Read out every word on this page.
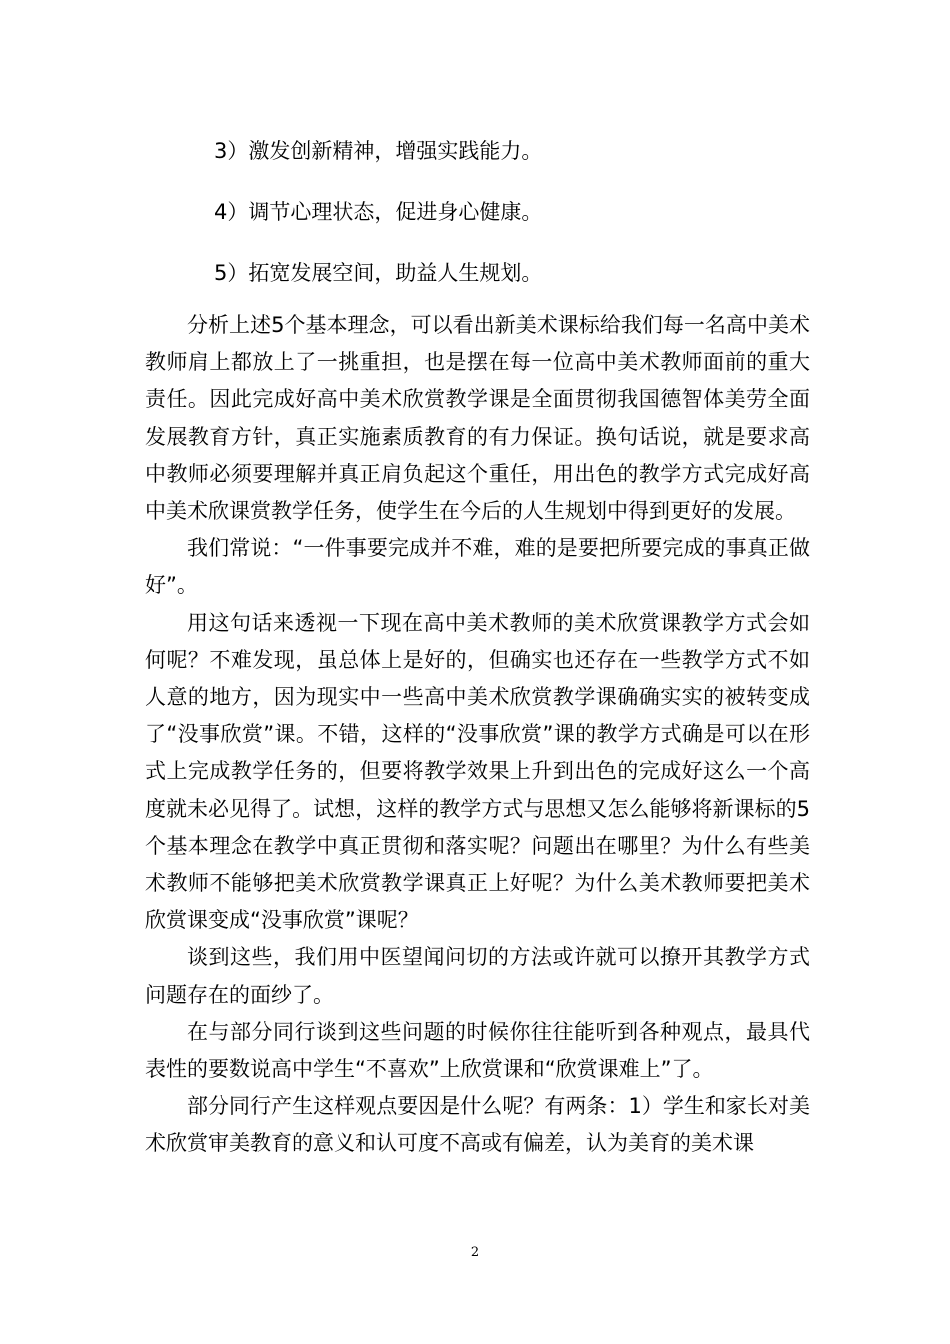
3）激发创新精神，增强实践能力。
4）调节心理状态，促进身心健康。
5）拓宽发展空间，助益人生规划。

分析上述5个基本理念，可以看出新美术课标给我们每一名高中美术教师肩上都放上了一挑重担，也是摆在每一位高中美术教师面前的重大责任。因此完成好高中美术欣赏教学课是全面贯彻我国德智体美劳全面发展教育方针，真正实施素质教育的有力保证。换句话说，就是要求高中教师必须要理解并真正肩负起这个重任，用出色的教学方式完成好高中美术欣课赏教学任务，使学生在今后的人生规划中得到更好的发展。

我们常说：“一件事要完成并不难，难的是要把所要完成的事真正做好”。

用这句话来透视一下现在高中美术教师的美术欣赏课教学方式会如何呢？不难发现，虽总体上是好的，但确实也还存在一些教学方式不如人意的地方，因为现实中一些高中美术欣赏教学课确确实实的被转变成了“没事欣赏”课。不错，这样的“没事欣赏”课的教学方式确是可以在形式上完成教学任务的，但要将教学效果上升到出色的完成好这么一个高度就未必见得了。试想，这样的教学方式与思想又怎么能够将新课标的5个基本理念在教学中真正贯彻和落实呢？问题出在哪里？为什么有些美术教师不能够把美术欣赏教学课真正上好呢？为什么美术教师要把美术欣赏课变成“没事欣赏”课呢？

谈到这些，我们用中医望闻问切的方法或许就可以撩开其教学方式问题存在的面纱了。

在与部分同行谈到这些问题的时候你往往能听到各种观点，最具代表性的要数说高中学生“不喜欢”上欣赏课和“欣赏课难上”了。

部分同行产生这样观点要因是什么呢？有两条：1）学生和家长对美术欣赏审美教育的意义和认可度不高或有偏差，认为美育的美术课

2
